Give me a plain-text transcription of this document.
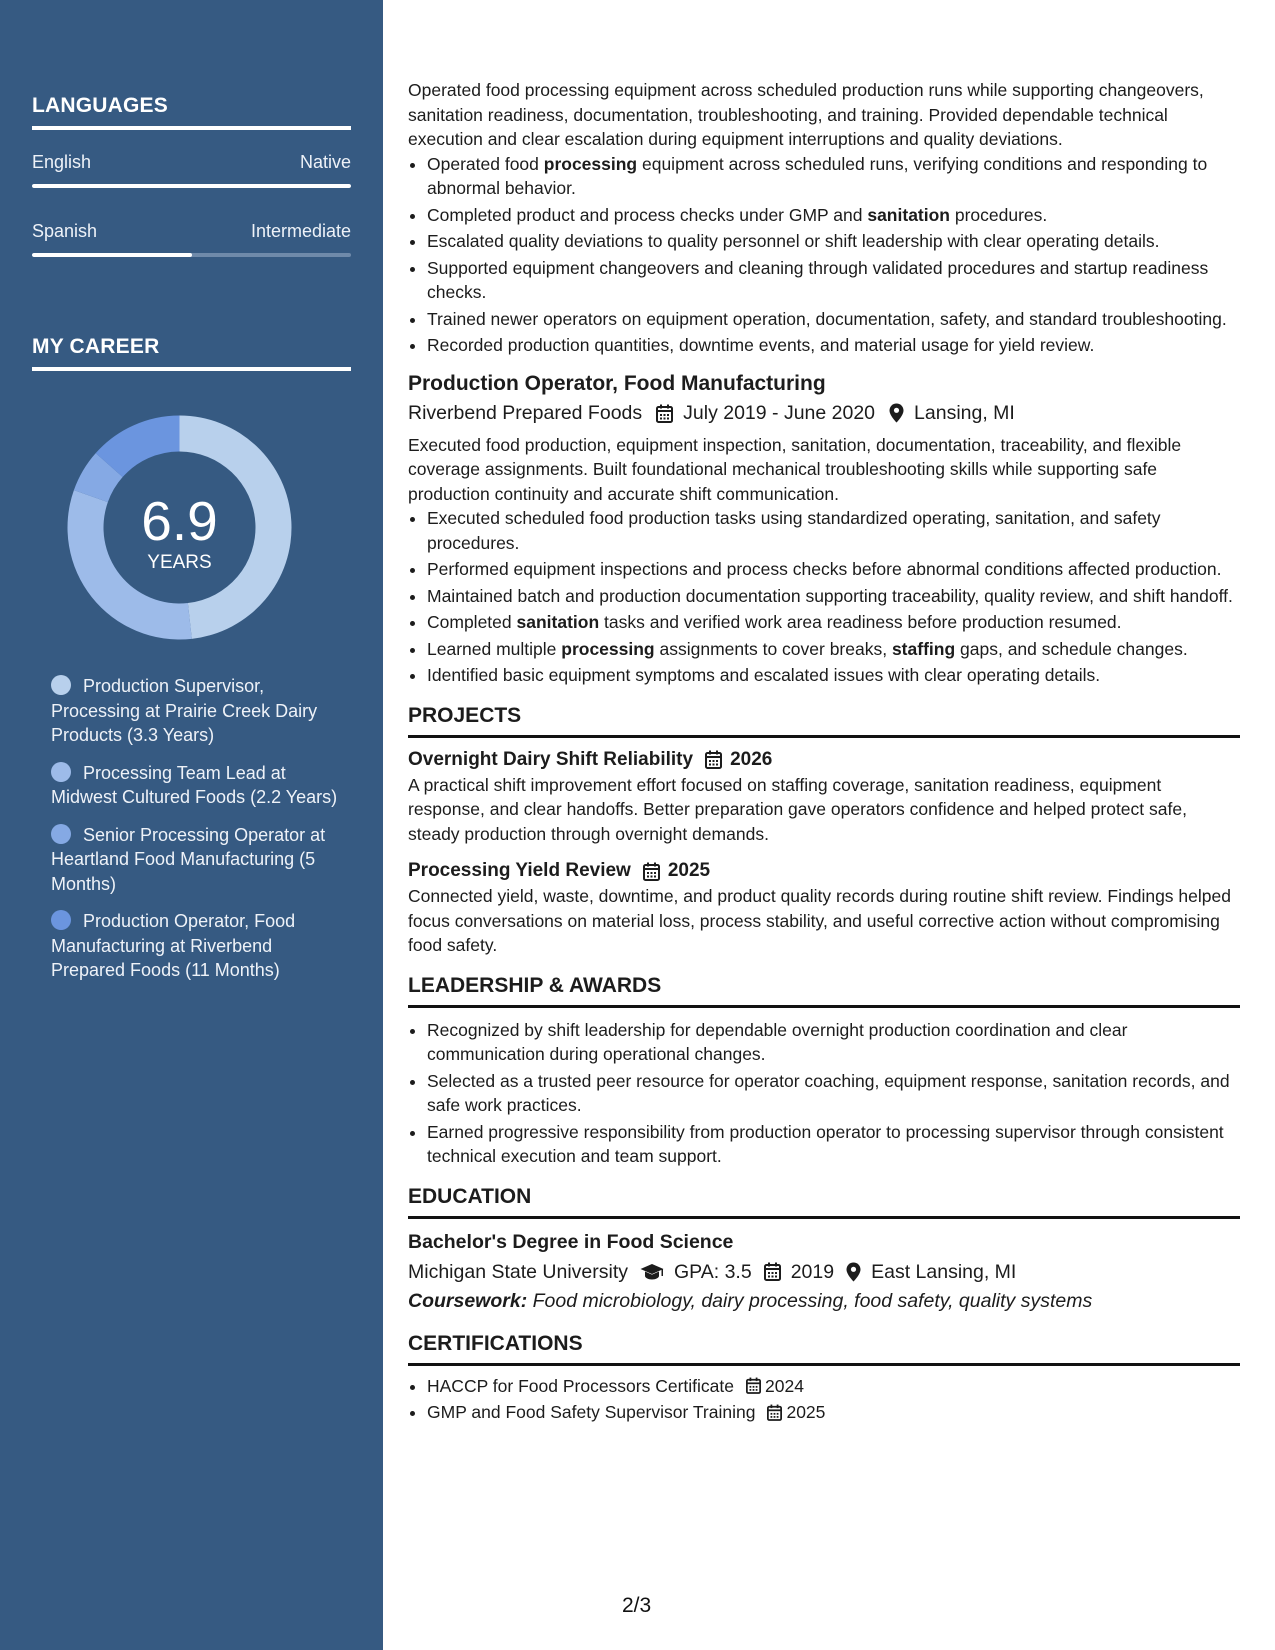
LANGUAGES
English	Native
Spanish	Intermediate
MY CAREER
6.9
YEARS
Production Supervisor, Processing at Prairie Creek Dairy Products (3.3 Years)
Processing Team Lead at Midwest Cultured Foods (2.2 Years)
Senior Processing Operator at Heartland Food Manufacturing (5 Months)
Production Operator, Food Manufacturing at Riverbend Prepared Foods (11 Months)

Operated food processing equipment across scheduled production runs while supporting changeovers, sanitation readiness, documentation, troubleshooting, and training. Provided dependable technical execution and clear escalation during equipment interruptions and quality deviations.

• Operated food processing equipment across scheduled runs, verifying conditions and responding to abnormal behavior.
• Completed product and process checks under GMP and sanitation procedures.
• Escalated quality deviations to quality personnel or shift leadership with clear operating details.
• Supported equipment changeovers and cleaning through validated procedures and startup readiness checks.
• Trained newer operators on equipment operation, documentation, safety, and standard troubleshooting.
• Recorded production quantities, downtime events, and material usage for yield review.
Production Operator, Food Manufacturing
Riverbend Prepared Foods July 2019 - June 2020 Lansing, MI

Executed food production, equipment inspection, sanitation, documentation, traceability, and flexible coverage assignments. Built foundational mechanical troubleshooting skills while supporting safe production continuity and accurate shift communication.

• Executed scheduled food production tasks using standardized operating, sanitation, and safety procedures.
• Performed equipment inspections and process checks before abnormal conditions affected production.
• Maintained batch and production documentation supporting traceability, quality review, and shift handoff.
• Completed sanitation tasks and verified work area readiness before production resumed.
• Learned multiple processing assignments to cover breaks, staffing gaps, and schedule changes.
• Identified basic equipment symptoms and escalated issues with clear operating details.
PROJECTS
Overnight Dairy Shift Reliability 2026

A practical shift improvement effort focused on staffing coverage, sanitation readiness, equipment response, and clear handoffs. Better preparation gave operators confidence and helped protect safe, steady production through overnight demands.

Processing Yield Review 2025

Connected yield, waste, downtime, and product quality records during routine shift review. Findings helped focus conversations on material loss, process stability, and useful corrective action without compromising food safety.

LEADERSHIP & AWARDS
• Recognized by shift leadership for dependable overnight production coordination and clear communication during operational changes.
• Selected as a trusted peer resource for operator coaching, equipment response, sanitation records, and safe work practices.
• Earned progressive responsibility from production operator to processing supervisor through consistent technical execution and team support.
EDUCATION
Bachelor's Degree in Food Science
Michigan State University GPA: 3.5 2019 East Lansing, MI
Coursework: Food microbiology, dairy processing, food safety, quality systems
CERTIFICATIONS
• HACCP for Food Processors Certificate 2024
• GMP and Food Safety Supervisor Training 2025
2/3
